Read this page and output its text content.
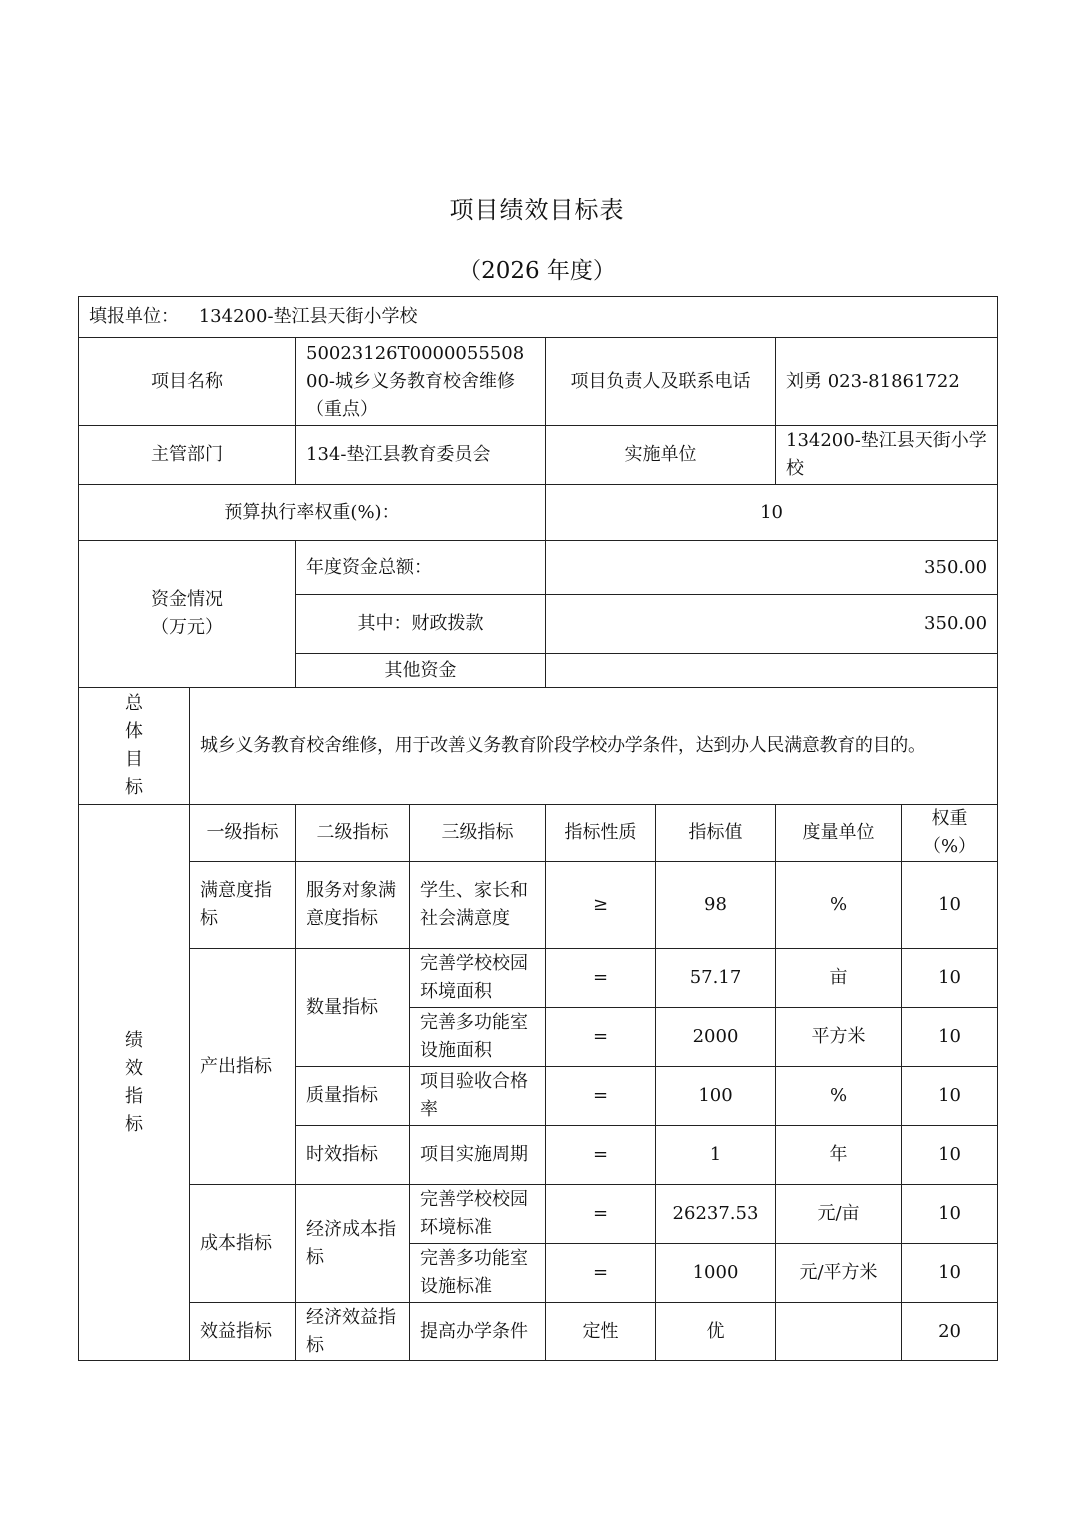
项目绩效目标表
（2026 年度）
填报单位： 134200-垫江县天街小学校							
项目名称		50023126T000005550800-城乡义务教育校舍维修（重点）		项目负责人及联系电话		刘勇 023-81861722	
主管部门		134-垫江县教育委员会		实施单位		134200-垫江县天街小学校	
预算执行率权重(%)：				10			

资金情况
（万元）		年度资金总额：		350.00			
		其中：财政拨款		350.00			
		其他资金					

总
体
目
标	城乡义务教育校舍维修，用于改善义务教育阶段学校办学条件，达到办人民满意教育的目的。						

绩
效
指
标	一级指标	二级指标	三级指标	指标性质	指标值	度量单位	权重（%）
	满意度指标	服务对象满意度指标	学生、家长和社会满意度	≥	98	%	10
	产出指标	数量指标	完善学校校园环境面积	=	57.17	亩	10
			完善多功能室设施面积	=	2000	平方米	10
		质量指标	项目验收合格率	=	100	%	10
		时效指标	项目实施周期	=	1	年	10
	成本指标	经济成本指标	完善学校校园环境标准	=	26237.53	元/亩	10
			完善多功能室设施标准	=	1000	元/平方米	10
	效益指标	经济效益指标	提高办学条件	定性	优		20
